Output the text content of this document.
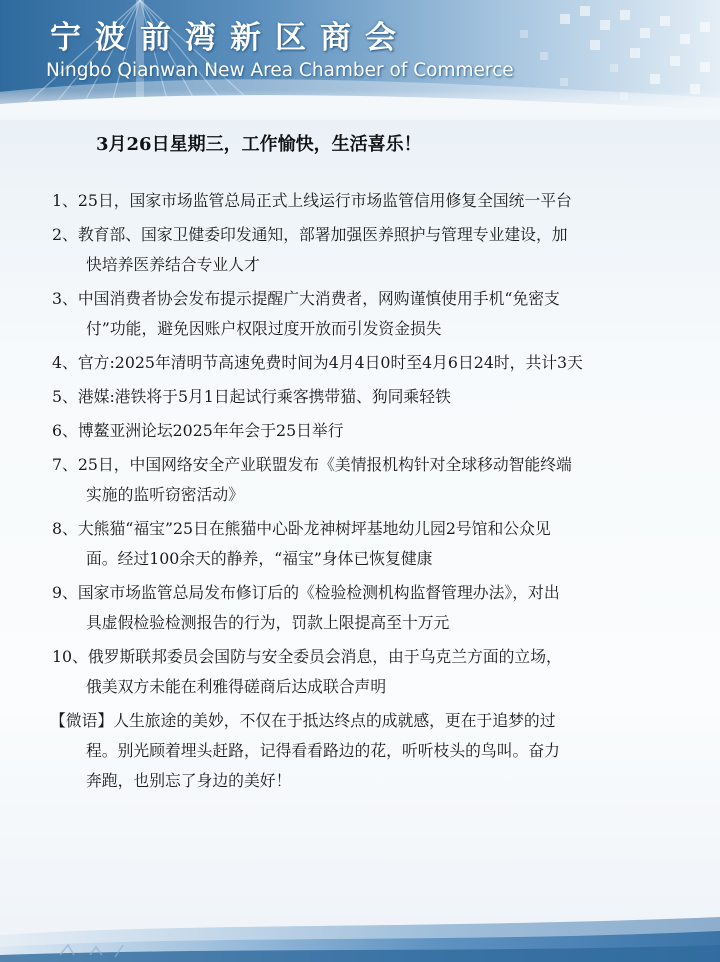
宁波前湾新区商会
Ningbo Qianwan New Area Chamber of Commerce
3月26日星期三，工作愉快，生活喜乐！
1、25日，国家市场监管总局正式上线运行市场监管信用修复全国统一平台
2、教育部、国家卫健委印发通知，部署加强医养照护与管理专业建设，加
快培养医养结合专业人才
3、中国消费者协会发布提示提醒广大消费者，网购谨慎使用手机“免密支
付”功能，避免因账户权限过度开放而引发资金损失
4、官方:2025年清明节高速免费时间为4月4日0时至4月6日24时，共计3天
5、港媒:港铁将于5月1日起试行乘客携带猫、狗同乘轻铁
6、博鳌亚洲论坛2025年年会于25日举行
7、25日，中国网络安全产业联盟发布《美情报机构针对全球移动智能终端
实施的监听窃密活动》
8、大熊猫“福宝”25日在熊猫中心卧龙神树坪基地幼儿园2号馆和公众见
面。经过100余天的静养，“福宝”身体已恢复健康
9、国家市场监管总局发布修订后的《检验检测机构监督管理办法》，对出
具虚假检验检测报告的行为，罚款上限提高至十万元
10、俄罗斯联邦委员会国防与安全委员会消息，由于乌克兰方面的立场，
俄美双方未能在利雅得磋商后达成联合声明
【微语】人生旅途的美妙，不仅在于抵达终点的成就感，更在于追梦的过
程。别光顾着埋头赶路，记得看看路边的花，听听枝头的鸟叫。奋力
奔跑，也别忘了身边的美好！
